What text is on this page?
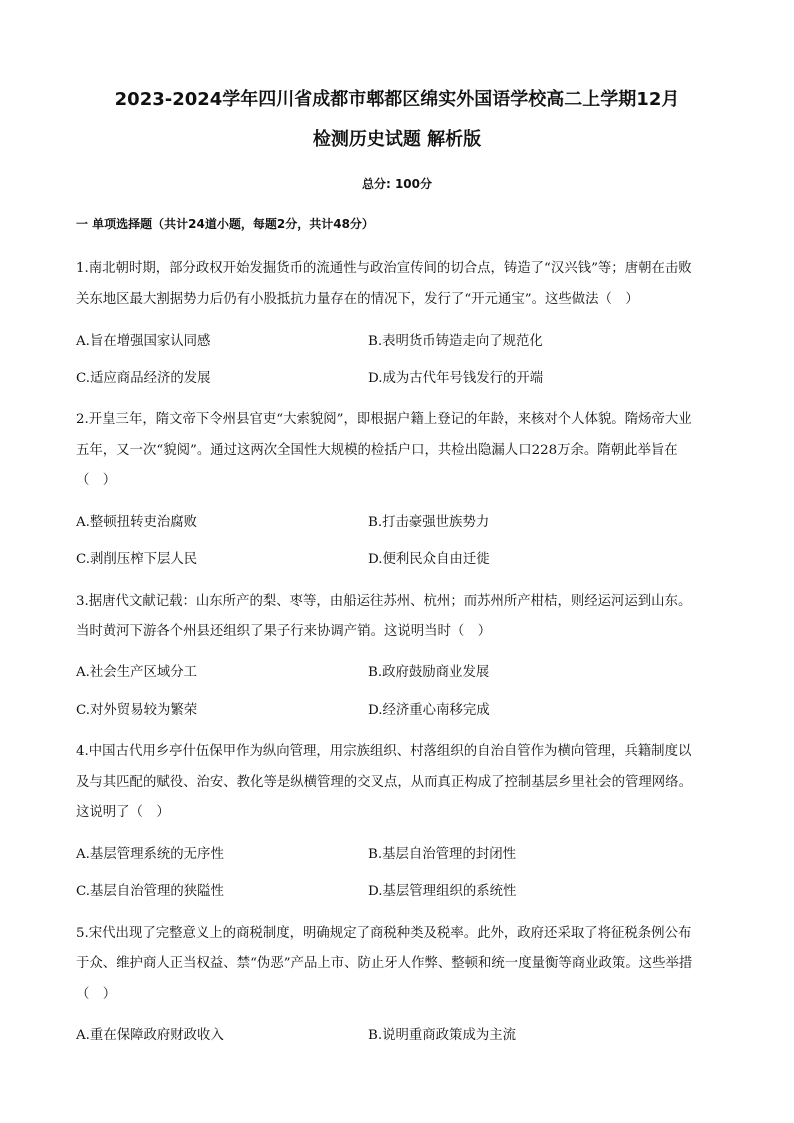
2023-2024学年四川省成都市郫都区绵实外国语学校高二上学期12月
检测历史试题 解析版
总分: 100分
一 单项选择题（共计24道小题，每题2分，共计48分）
1.南北朝时期，部分政权开始发掘货币的流通性与政治宣传间的切合点，铸造了“汉兴钱”等；唐朝在击败
关东地区最大割据势力后仍有小股抵抗力量存在的情况下，发行了“开元通宝”。这些做法（　）
A.旨在增强国家认同感	B.表明货币铸造走向了规范化
C.适应商品经济的发展	D.成为古代年号钱发行的开端
2.开皇三年，隋文帝下令州县官吏“大索貌阅”，即根据户籍上登记的年龄，来核对个人体貌。隋炀帝大业
五年，又一次“貌阅”。通过这两次全国性大规模的检括户口，共检出隐漏人口228万余。隋朝此举旨在
（　）
A.整顿扭转吏治腐败	B.打击豪强世族势力
C.剥削压榨下层人民	D.便利民众自由迁徙
3.据唐代文献记载：山东所产的梨、枣等，由船运往苏州、杭州；而苏州所产柑桔，则经运河运到山东。
当时黄河下游各个州县还组织了果子行来协调产销。这说明当时（　）
A.社会生产区域分工	B.政府鼓励商业发展
C.对外贸易较为繁荣	D.经济重心南移完成
4.中国古代用乡亭什伍保甲作为纵向管理，用宗族组织、村落组织的自治自管作为横向管理，兵籍制度以
及与其匹配的赋役、治安、教化等是纵横管理的交叉点，从而真正构成了控制基层乡里社会的管理网络。
这说明了（　）
A.基层管理系统的无序性	B.基层自治管理的封闭性
C.基层自治管理的狭隘性	D.基层管理组织的系统性
5.宋代出现了完整意义上的商税制度，明确规定了商税种类及税率。此外，政府还采取了将征税条例公布
于众、维护商人正当权益、禁“伪恶”产品上市、防止牙人作弊、整顿和统一度量衡等商业政策。这些举措
（　）
A.重在保障政府财政收入	B.说明重商政策成为主流
